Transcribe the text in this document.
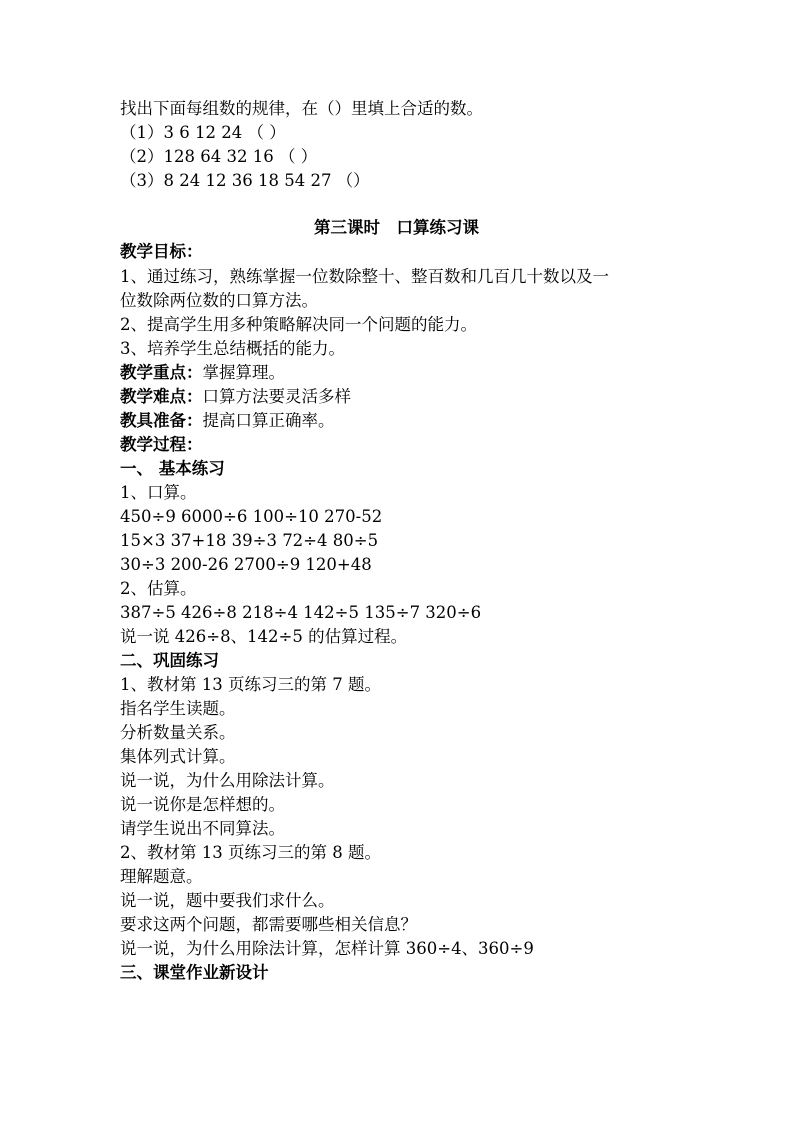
找出下面每组数的规律，在（）里填上合适的数。
（1）3 6 12 24 （ ）
（2）128 64 32 16 （ ）
（3）8 24 12 36 18 54 27 （）
第三课时　口算练习课
教学目标：
1、通过练习，熟练掌握一位数除整十、整百数和几百几十数以及一
位数除两位数的口算方法。
2、提高学生用多种策略解决同一个问题的能力。
3、培养学生总结概括的能力。
教学重点：掌握算理。
教学难点：口算方法要灵活多样
教具准备：提高口算正确率。
教学过程：
一、 基本练习
1、口算。
450÷9 6000÷6 100÷10 270-52
15×3 37+18 39÷3 72÷4 80÷5
30÷3 200-26 2700÷9 120+48
2、估算。
387÷5 426÷8 218÷4 142÷5 135÷7 320÷6
说一说 426÷8、142÷5 的估算过程。
二、巩固练习
1、教材第 13 页练习三的第 7 题。
指名学生读题。
分析数量关系。
集体列式计算。
说一说，为什么用除法计算。
说一说你是怎样想的。
请学生说出不同算法。
2、教材第 13 页练习三的第 8 题。
理解题意。
说一说，题中要我们求什么。
要求这两个问题，都需要哪些相关信息？
说一说，为什么用除法计算，怎样计算 360÷4、360÷9
三、课堂作业新设计
